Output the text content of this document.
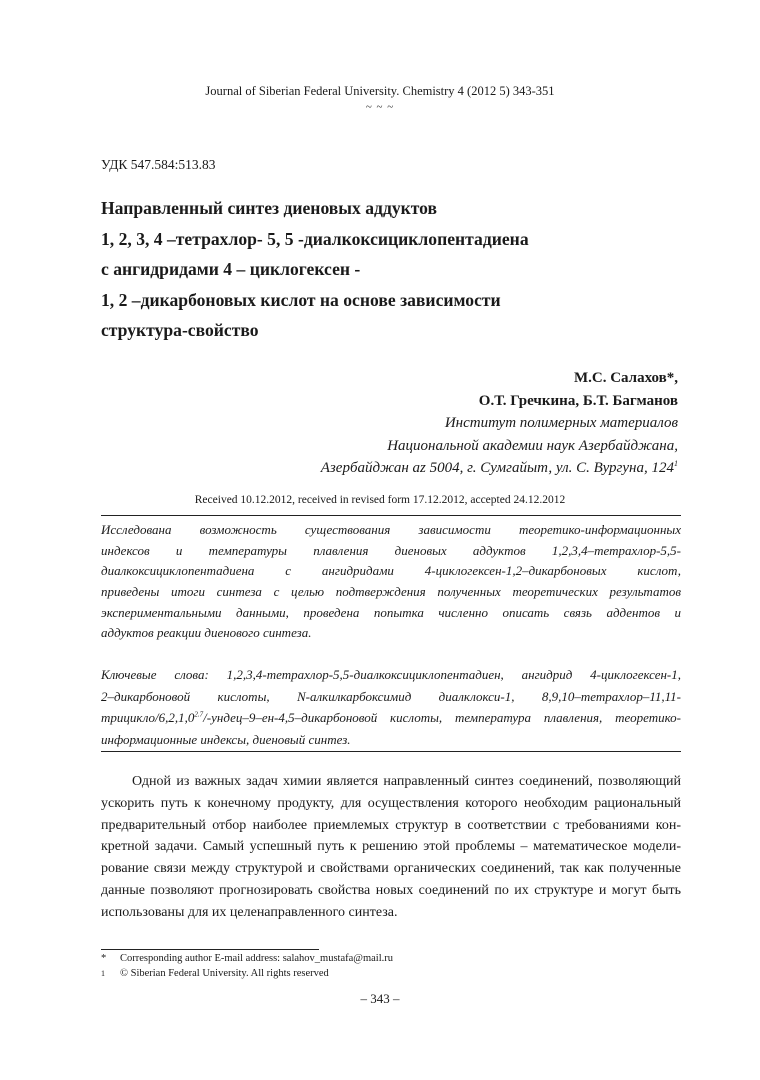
Journal of Siberian Federal University. Chemistry 4 (2012 5) 343-351
~ ~ ~
УДК 547.584:513.83
Направленный синтез диеновых аддуктов
1, 2, 3, 4 –тетрахлор- 5, 5 -диалкоксициклопентадиена
с ангидридами 4 – циклогексен -
1, 2 –дикарбоновых кислот на основе зависимости
структура-свойство
М.С. Салахов*,
О.Т. Гречкина, Б.Т. Багманов
Институт полимерных материалов
Национальной академии наук Азербайджана,
Азербайджан az 5004, г. Сумгайыт, ул. С. Вургуна, $124^1$
Received 10.12.2012, received in revised form 17.12.2012, accepted 24.12.2012
Исследована возможность существования зависимости теоретико-информационных
индексов и температуры плавления диеновых аддуктов 1,2,3,4–тетрахлор-5,5-
диалкоксициклопентадиена с ангидридами 4-циклогексен-1,2–дикарбоновых кислот,
приведены итоги синтеза с целью подтверждения полученных теоретических результатов
экспериментальными данными, проведена попытка численно описать связь аддентов и
аддуктов реакции диенового синтеза.
Ключевые слова: 1,2,3,4-тетрахлор-5,5-диалкоксициклопентадиен, ангидрид 4-циклогексен-1,
2–дикарбоновой кислоты, N-алкилкарбоксимид диалклокси-1, 8,9,10–тетрахлор–11,11-
трицикло/$6,2,1,0^{2.7}/-ундец-9-ен-4,5$–дикарбоновой кислоты, температура плавления, теоретико-
информационные индексы, диеновый синтез.
Одной из важных задач химии является направленный синтез соединений, позволяющий
ускорить путь к конечному продукту, для осуществления которого необходим рациональный
предварительный отбор наиболее приемлемых структур в соответствии с требованиями кон-
кретной задачи. Самый успешный путь к решению этой проблемы – математическое модели-
рование связи между структурой и свойствами органических соединений, так как полученные
данные позволяют прогнозировать свойства новых соединений по их структуре и могут быть
использованы для их целенаправленного синтеза.
*	Corresponding author E-mail address: salahov_mustafa@mail.ru
1	© Siberian Federal University. All rights reserved
– 343 –
